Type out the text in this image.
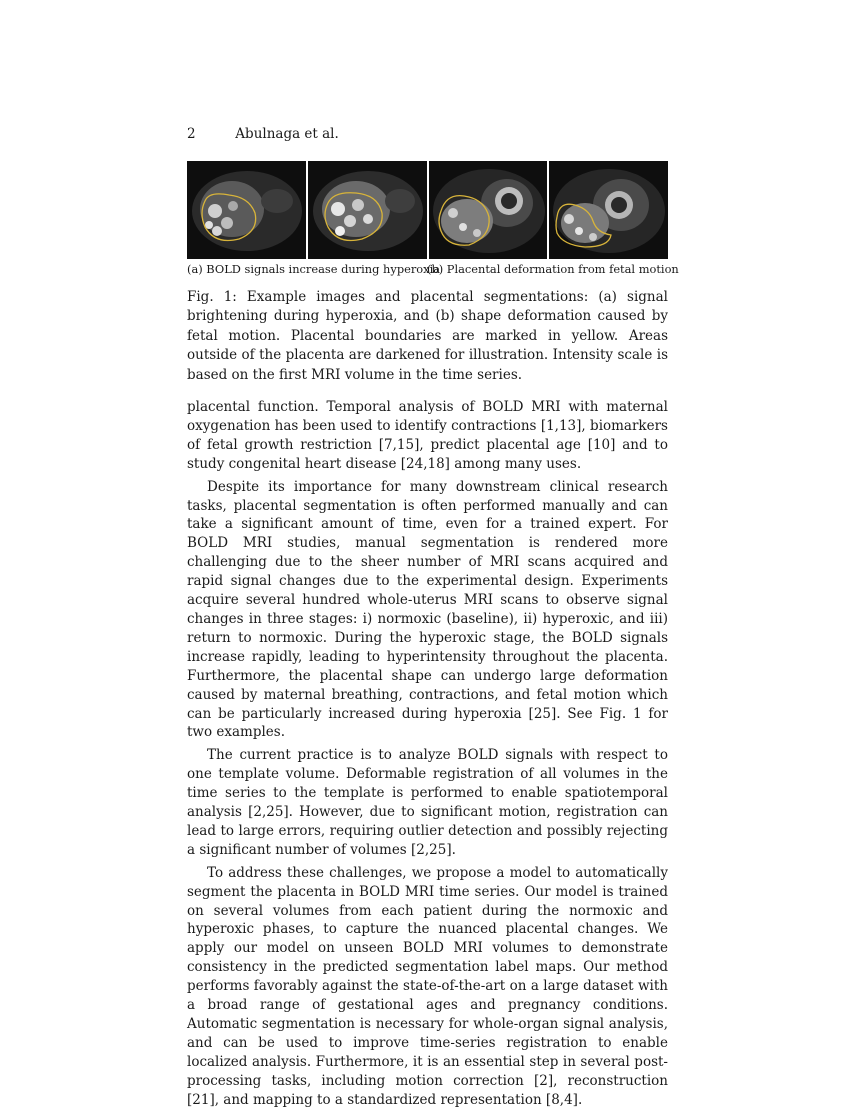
2	Abulnaga et al.
(a) BOLD signals increase during hyperoxia
(b) Placental deformation from fetal motion
Fig. 1: Example images and placental segmentations: (a) signal brightening during hyperoxia, and (b) shape deformation caused by fetal motion. Placental boundaries are marked in yellow. Areas outside of the placenta are darkened for illustration. Intensity scale is based on the first MRI volume in the time series.

placental function. Temporal analysis of BOLD MRI with maternal oxygenation has been used to identify contractions [1,13], biomarkers of fetal growth restriction [7,15], predict placental age [10] and to study congenital heart disease [24,18] among many uses.

Despite its importance for many downstream clinical research tasks, placental segmentation is often performed manually and can take a significant amount of time, even for a trained expert. For BOLD MRI studies, manual segmentation is rendered more challenging due to the sheer number of MRI scans acquired and rapid signal changes due to the experimental design. Experiments acquire several hundred whole-uterus MRI scans to observe signal changes in three stages: i) normoxic (baseline), ii) hyperoxic, and iii) return to normoxic. During the hyperoxic stage, the BOLD signals increase rapidly, leading to hyperintensity throughout the placenta. Furthermore, the placental shape can undergo large deformation caused by maternal breathing, contractions, and fetal motion which can be particularly increased during hyperoxia [25]. See Fig. 1 for two examples.

The current practice is to analyze BOLD signals with respect to one template volume. Deformable registration of all volumes in the time series to the template is performed to enable spatiotemporal analysis [2,25]. However, due to significant motion, registration can lead to large errors, requiring outlier detection and possibly rejecting a significant number of volumes [2,25].

To address these challenges, we propose a model to automatically segment the placenta in BOLD MRI time series. Our model is trained on several volumes from each patient during the normoxic and hyperoxic phases, to capture the nuanced placental changes. We apply our model on unseen BOLD MRI volumes to demonstrate consistency in the predicted segmentation label maps. Our method performs favorably against the state-of-the-art on a large dataset with a broad range of gestational ages and pregnancy conditions. Automatic segmentation is necessary for whole-organ signal analysis, and can be used to improve time-series registration to enable localized analysis. Furthermore, it is an essential step in several post-processing tasks, including motion correction [2], reconstruction [21], and mapping to a standardized representation [8,4].
